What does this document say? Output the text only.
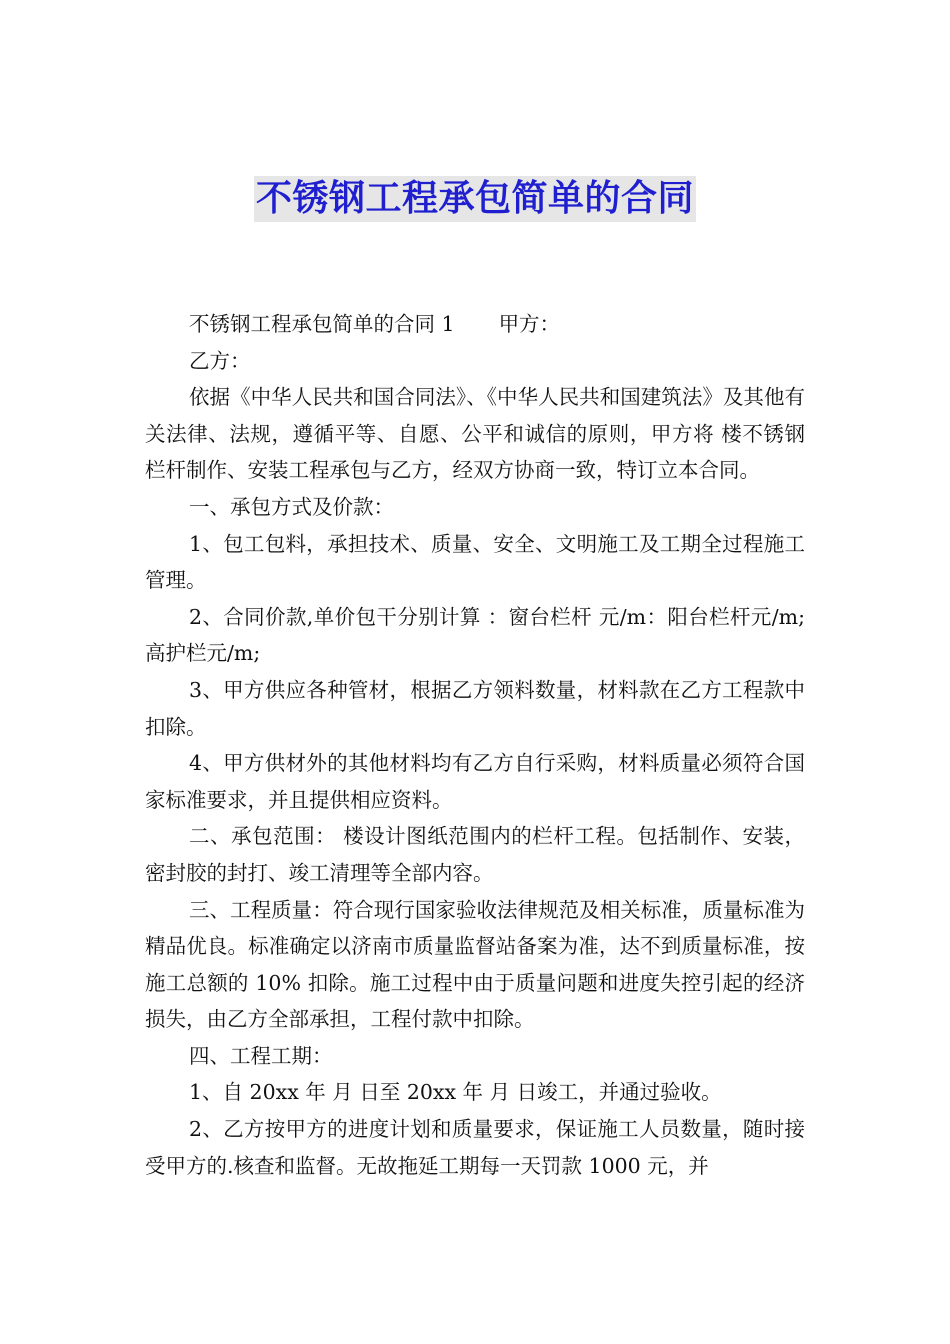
不锈钢工程承包简单的合同

不锈钢工程承包简单的合同 1 甲方：

乙方：

依据《中华人民共和国合同法》、《中华人民共和国建筑法》及其他有关法律、法规，遵循平等、自愿、公平和诚信的原则，甲方将 楼不锈钢栏杆制作、安装工程承包与乙方，经双方协商一致，特订立本合同。

一、承包方式及价款：

1、包工包料，承担技术、质量、安全、文明施工及工期全过程施工管理。

2、合同价款,单价包干分别计算 ：窗台栏杆 元/m：阳台栏杆元/m;高护栏元/m;

3、甲方供应各种管材，根据乙方领料数量，材料款在乙方工程款中扣除。

4、甲方供材外的其他材料均有乙方自行采购，材料质量必须符合国家标准要求，并且提供相应资料。

二、承包范围： 楼设计图纸范围内的栏杆工程。包括制作、安装，密封胶的封打、竣工清理等全部内容。

三、工程质量：符合现行国家验收法律规范及相关标准，质量标准为精品优良。标准确定以济南市质量监督站备案为准，达不到质量标准，按施工总额的 10% 扣除。施工过程中由于质量问题和进度失控引起的经济损失，由乙方全部承担，工程付款中扣除。

四、工程工期：

1、自 20xx 年 月 日至 20xx 年 月 日竣工，并通过验收。

2、乙方按甲方的进度计划和质量要求，保证施工人员数量，随时接受甲方的.核查和监督。无故拖延工期每一天罚款 1000 元，并
